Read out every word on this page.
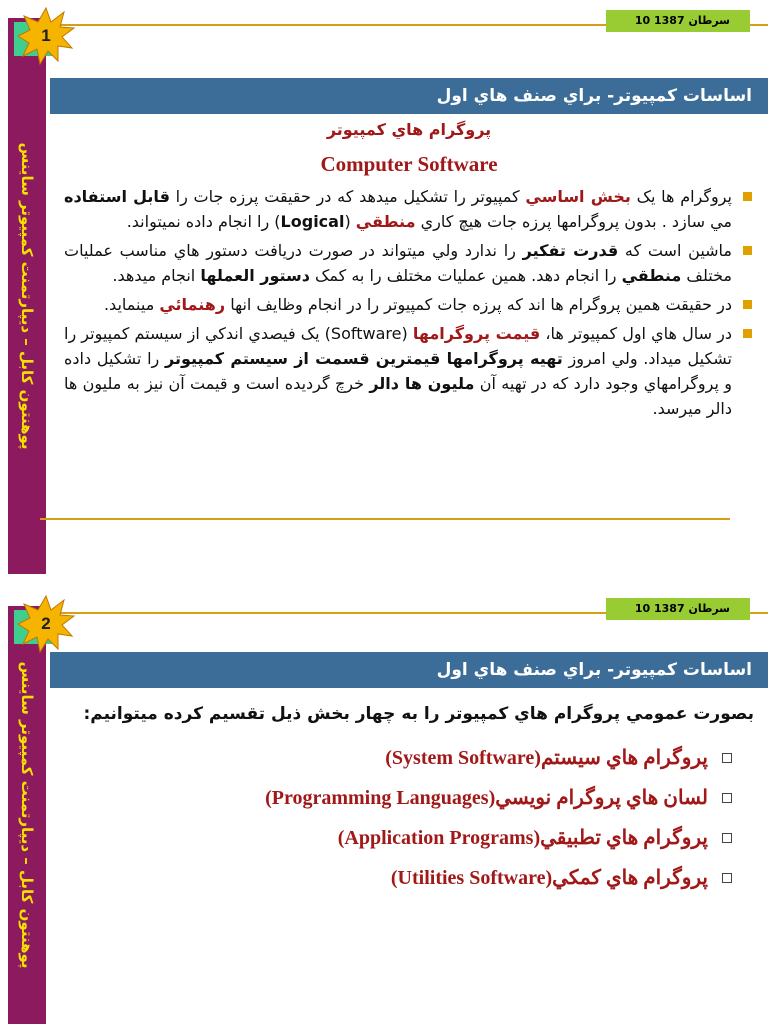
پوهنتون کابل – ديپارتمنت کمپيوتر ساينس
1
سرطان 1387 10
اساسات کمپيوتر- براي صنف هاي اول
پروگرام هاي کمپيوتر
Computer Software
پروگرام ها يک بخش اساسي کمپيوتر را تشکيل ميدهد که در حقيقت پرزه جات را قابل استفاده مي سازد . بدون پروگرامها پرزه جات هيچ کاري منطقي (Logical) را انجام داده نميتواند.
ماشين است که قدرت تفکير را ندارد ولي ميتواند در صورت دريافت دستور هاي مناسب عمليات مختلف منطقي را انجام دهد. همين عمليات مختلف را به کمک دستور العملها انجام ميدهد.
در حقيقت همين پروگرام ها اند که پرزه جات کمپيوتر را در انجام وظايف انها رهنمائي مينمايد.
در سال هاي اول کمپيوتر ها، قيمت پروگرامها (Software) يک فيصدي اندکي از سيستم کمپيوتر را تشکيل ميداد. ولي امروز تهيه پروگرامها قيمترين قسمت از سيستم کمپيوتر را تشکيل داده و پروگرامهاي وجود دارد که در تهيه آن مليون ها دالر خرچ گرديده است و قيمت آن نيز به مليون ها دالر ميرسد.
پوهنتون کابل – ديپارتمنت کمپيوتر ساينس
2
سرطان 1387 10
اساسات کمپيوتر- براي صنف هاي اول
بصورت عمومي پروگرام هاي کمپيوتر را به چهار بخش ذيل تقسيم کرده ميتوانيم:
پروگرام هاي سيستم(System Software)
لسان هاي پروگرام نويسي(Programming Languages)
پروگرام هاي تطبيقي(Application Programs)
پروگرام هاي کمکي(Utilities Software)
